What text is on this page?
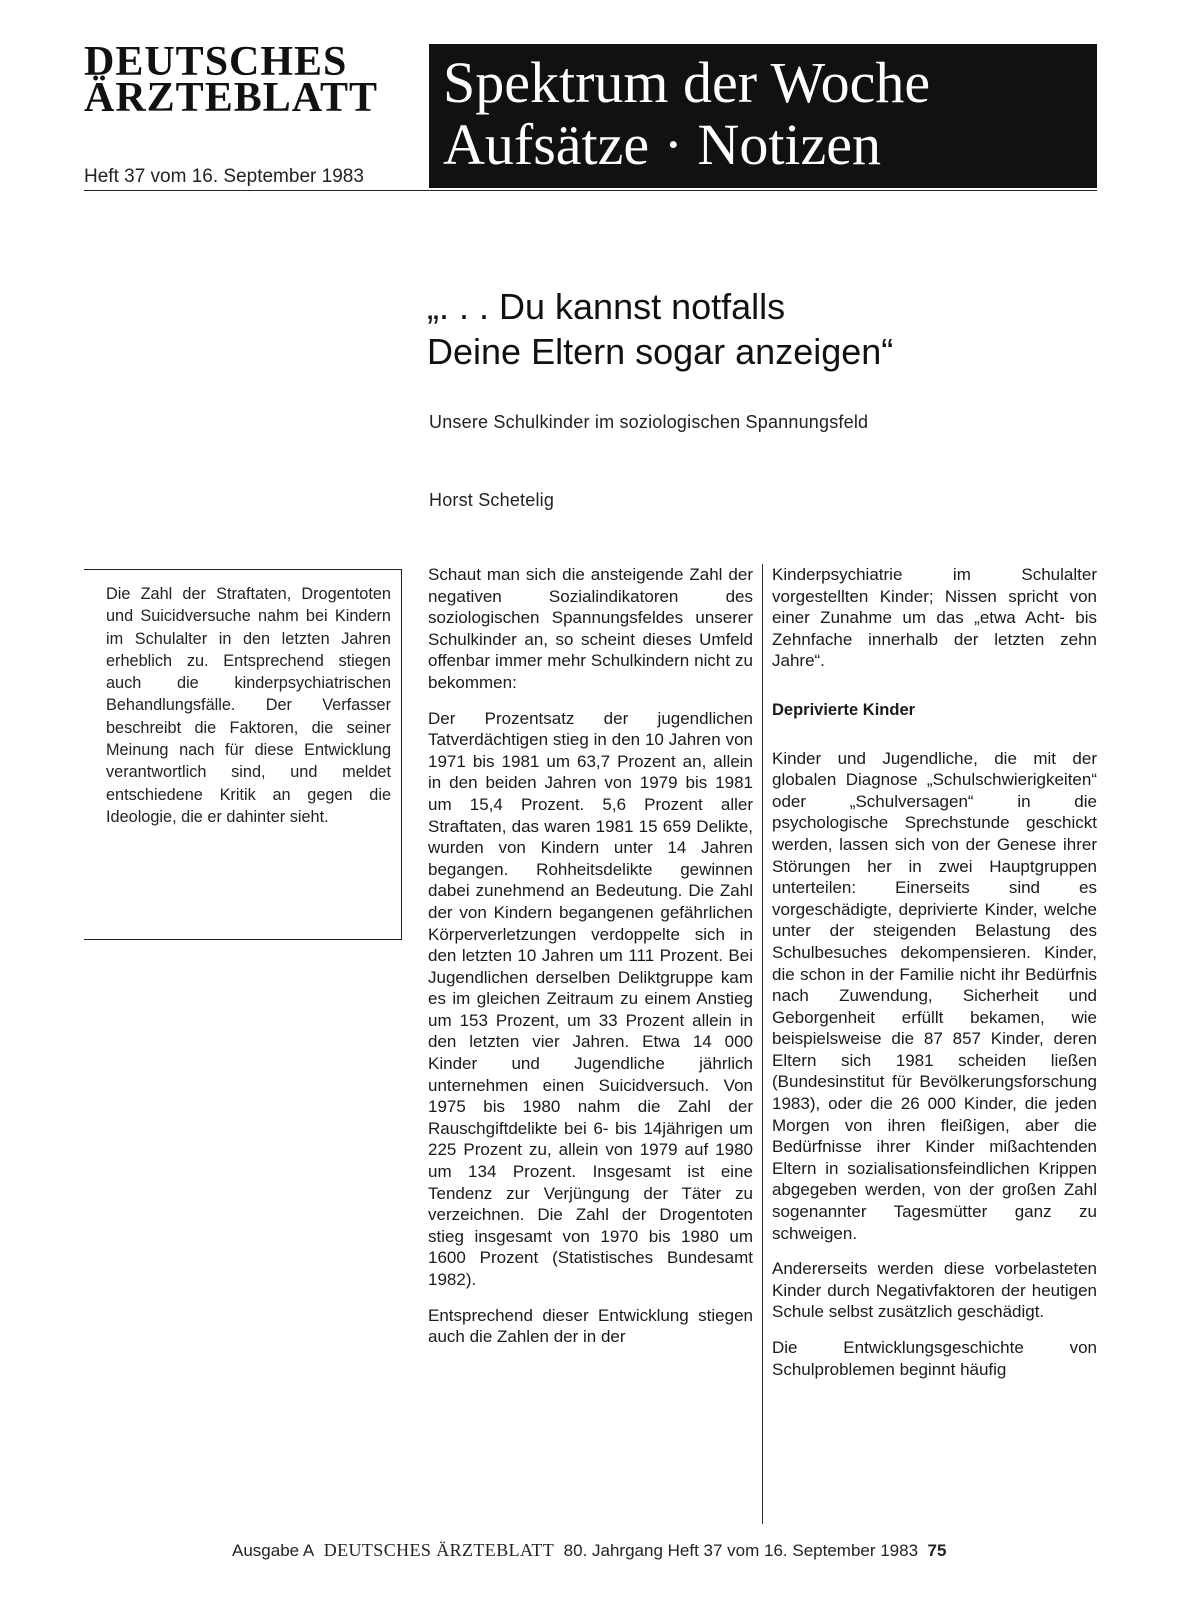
DEUTSCHES
ÄRZTEBLATT
Heft 37 vom 16. September 1983
Spektrum der Woche
Aufsätze · Notizen
„. . . Du kannst notfalls
Deine Eltern sogar anzeigen“
Unsere Schulkinder im soziologischen Spannungsfeld
Horst Schetelig
Die Zahl der Straftaten, Drogentoten und Suicidversuche nahm bei Kindern im Schulalter in den letzten Jahren erheblich zu. Entsprechend stiegen auch die kinderpsychiatrischen Behandlungsfälle. Der Verfasser beschreibt die Faktoren, die seiner Meinung nach für diese Entwicklung verantwortlich sind, und meldet entschiedene Kritik an gegen die Ideologie, die er dahinter sieht.

Schaut man sich die ansteigende Zahl der negativen Sozialindikatoren des soziologischen Spannungsfeldes unserer Schulkinder an, so scheint dieses Umfeld offenbar immer mehr Schulkindern nicht zu bekommen:

Der Prozentsatz der jugendlichen Tatverdächtigen stieg in den 10 Jahren von 1971 bis 1981 um 63,7 Prozent an, allein in den beiden Jahren von 1979 bis 1981 um 15,4 Prozent. 5,6 Prozent aller Straftaten, das waren 1981 15 659 Delikte, wurden von Kindern unter 14 Jahren begangen. Rohheitsdelikte gewinnen dabei zunehmend an Bedeutung. Die Zahl der von Kindern begangenen gefährlichen Körperverletzungen verdoppelte sich in den letzten 10 Jahren um 111 Prozent. Bei Jugendlichen derselben Deliktgruppe kam es im gleichen Zeitraum zu einem Anstieg um 153 Prozent, um 33 Prozent allein in den letzten vier Jahren. Etwa 14 000 Kinder und Jugendliche jährlich unternehmen einen Suicidversuch. Von 1975 bis 1980 nahm die Zahl der Rauschgiftdelikte bei 6- bis 14jährigen um 225 Prozent zu, allein von 1979 auf 1980 um 134 Prozent. Insgesamt ist eine Tendenz zur Verjüngung der Täter zu verzeichnen. Die Zahl der Drogentoten stieg insgesamt von 1970 bis 1980 um 1600 Prozent (Statistisches Bundesamt 1982).

Entsprechend dieser Entwicklung stiegen auch die Zahlen der in der

Kinderpsychiatrie im Schulalter vorgestellten Kinder; Nissen spricht von einer Zunahme um das „etwa Acht- bis Zehnfache innerhalb der letzten zehn Jahre“.

Deprivierte Kinder

Kinder und Jugendliche, die mit der globalen Diagnose „Schulschwierigkeiten“ oder „Schulversagen“ in die psychologische Sprechstunde geschickt werden, lassen sich von der Genese ihrer Störungen her in zwei Hauptgruppen unterteilen: Einerseits sind es vorgeschädigte, deprivierte Kinder, welche unter der steigenden Belastung des Schulbesuches dekompensieren. Kinder, die schon in der Familie nicht ihr Bedürfnis nach Zuwendung, Sicherheit und Geborgenheit erfüllt bekamen, wie beispielsweise die 87 857 Kinder, deren Eltern sich 1981 scheiden ließen (Bundesinstitut für Bevölkerungsforschung 1983), oder die 26 000 Kinder, die jeden Morgen von ihren fleißigen, aber die Bedürfnisse ihrer Kinder mißachtenden Eltern in sozialisationsfeindlichen Krippen abgegeben werden, von der großen Zahl sogenannter Tagesmütter ganz zu schweigen.

Andererseits werden diese vorbelasteten Kinder durch Negativfaktoren der heutigen Schule selbst zusätzlich geschädigt.

Die Entwicklungsgeschichte von Schulproblemen beginnt häufig

Ausgabe A DEUTSCHES ÄRZTEBLATT 80. Jahrgang Heft 37 vom 16. September 1983 75
